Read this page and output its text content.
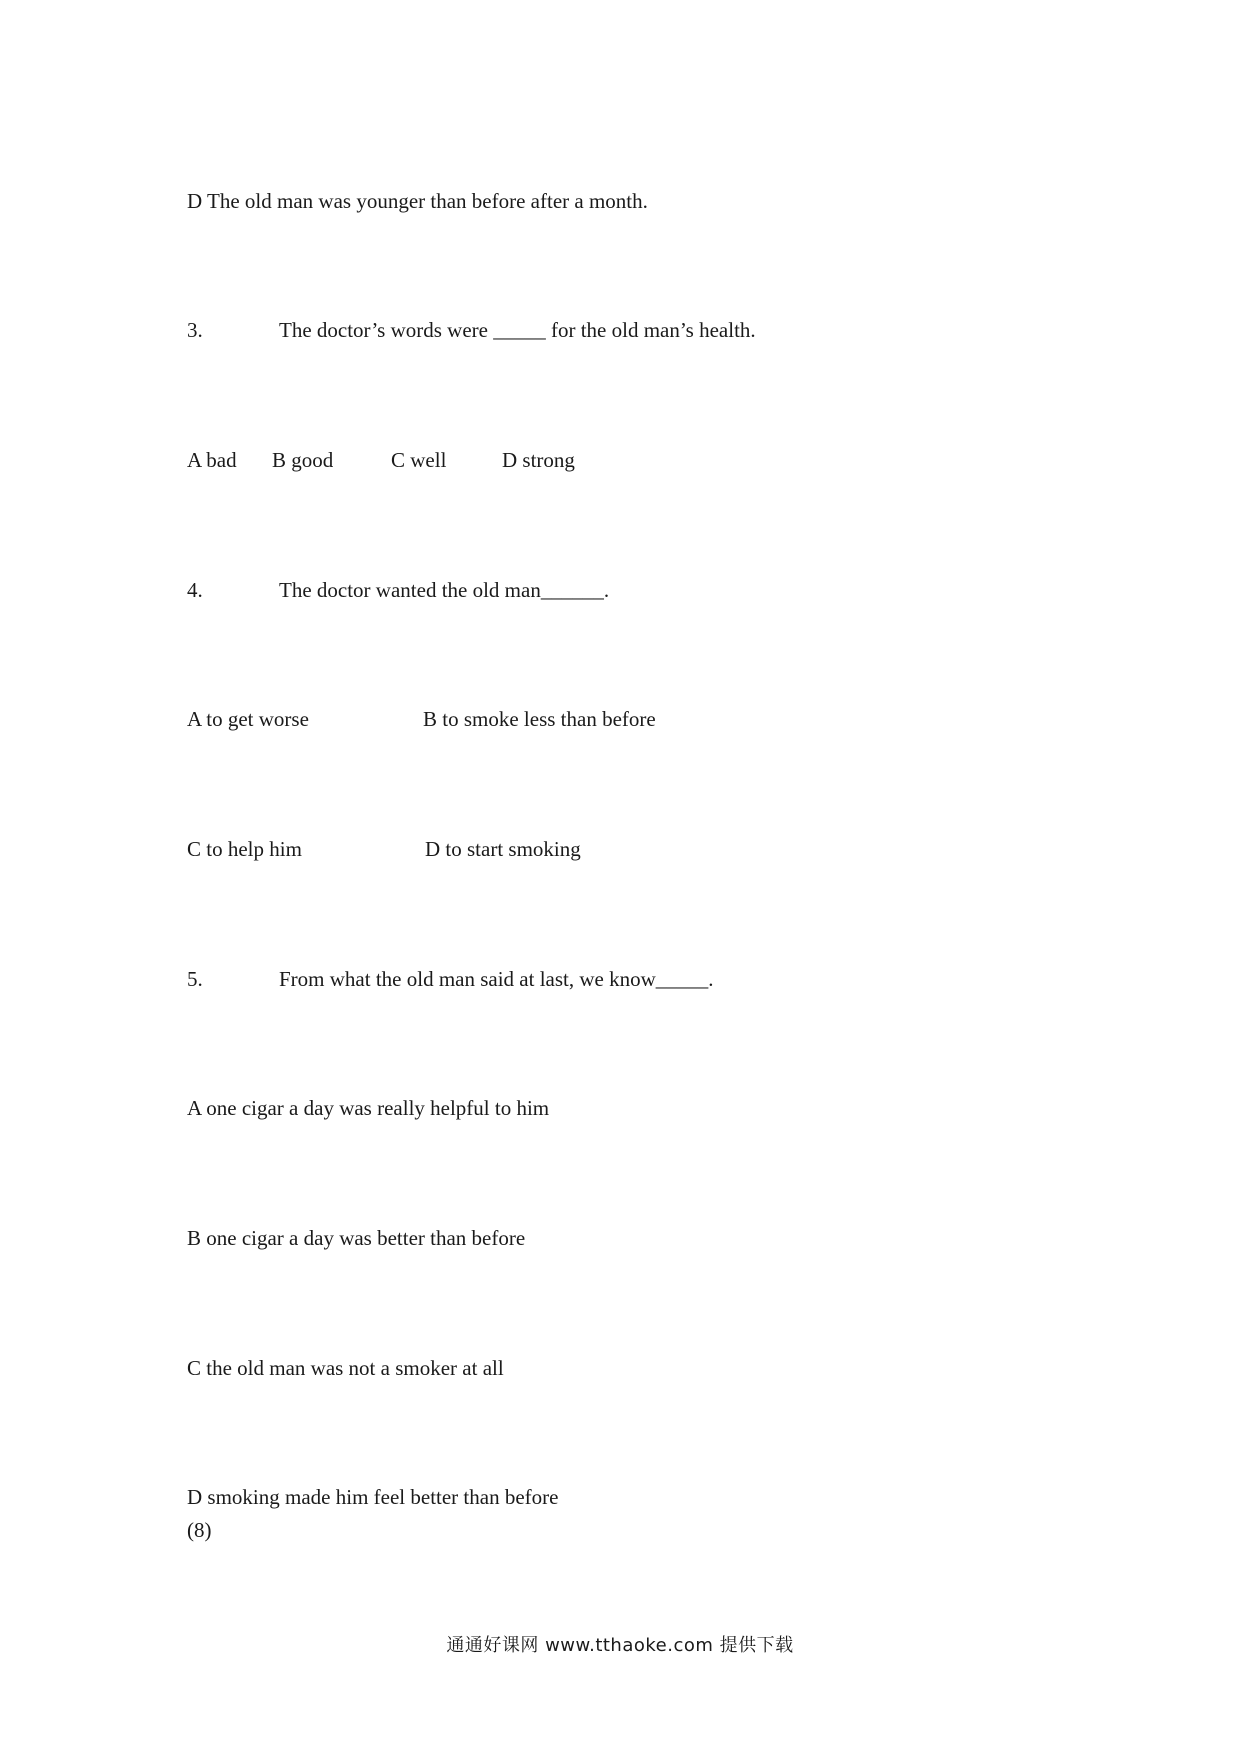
D The old man was younger than before after a month.
3.	The doctor’s words were _____ for the old man’s health.
A bad B good	C well	D strong
4.	The doctor wanted the old man______.
A to get worse	B to smoke less than before
C to help him	D to start smoking
5.	From what the old man said at last, we know_____.
A one cigar a day was really helpful to him
B one cigar a day was better than before
C the old man was not a smoker at all
D smoking made him feel better than before
(8)
通通好课网 www.tthaoke.com 提供下载
